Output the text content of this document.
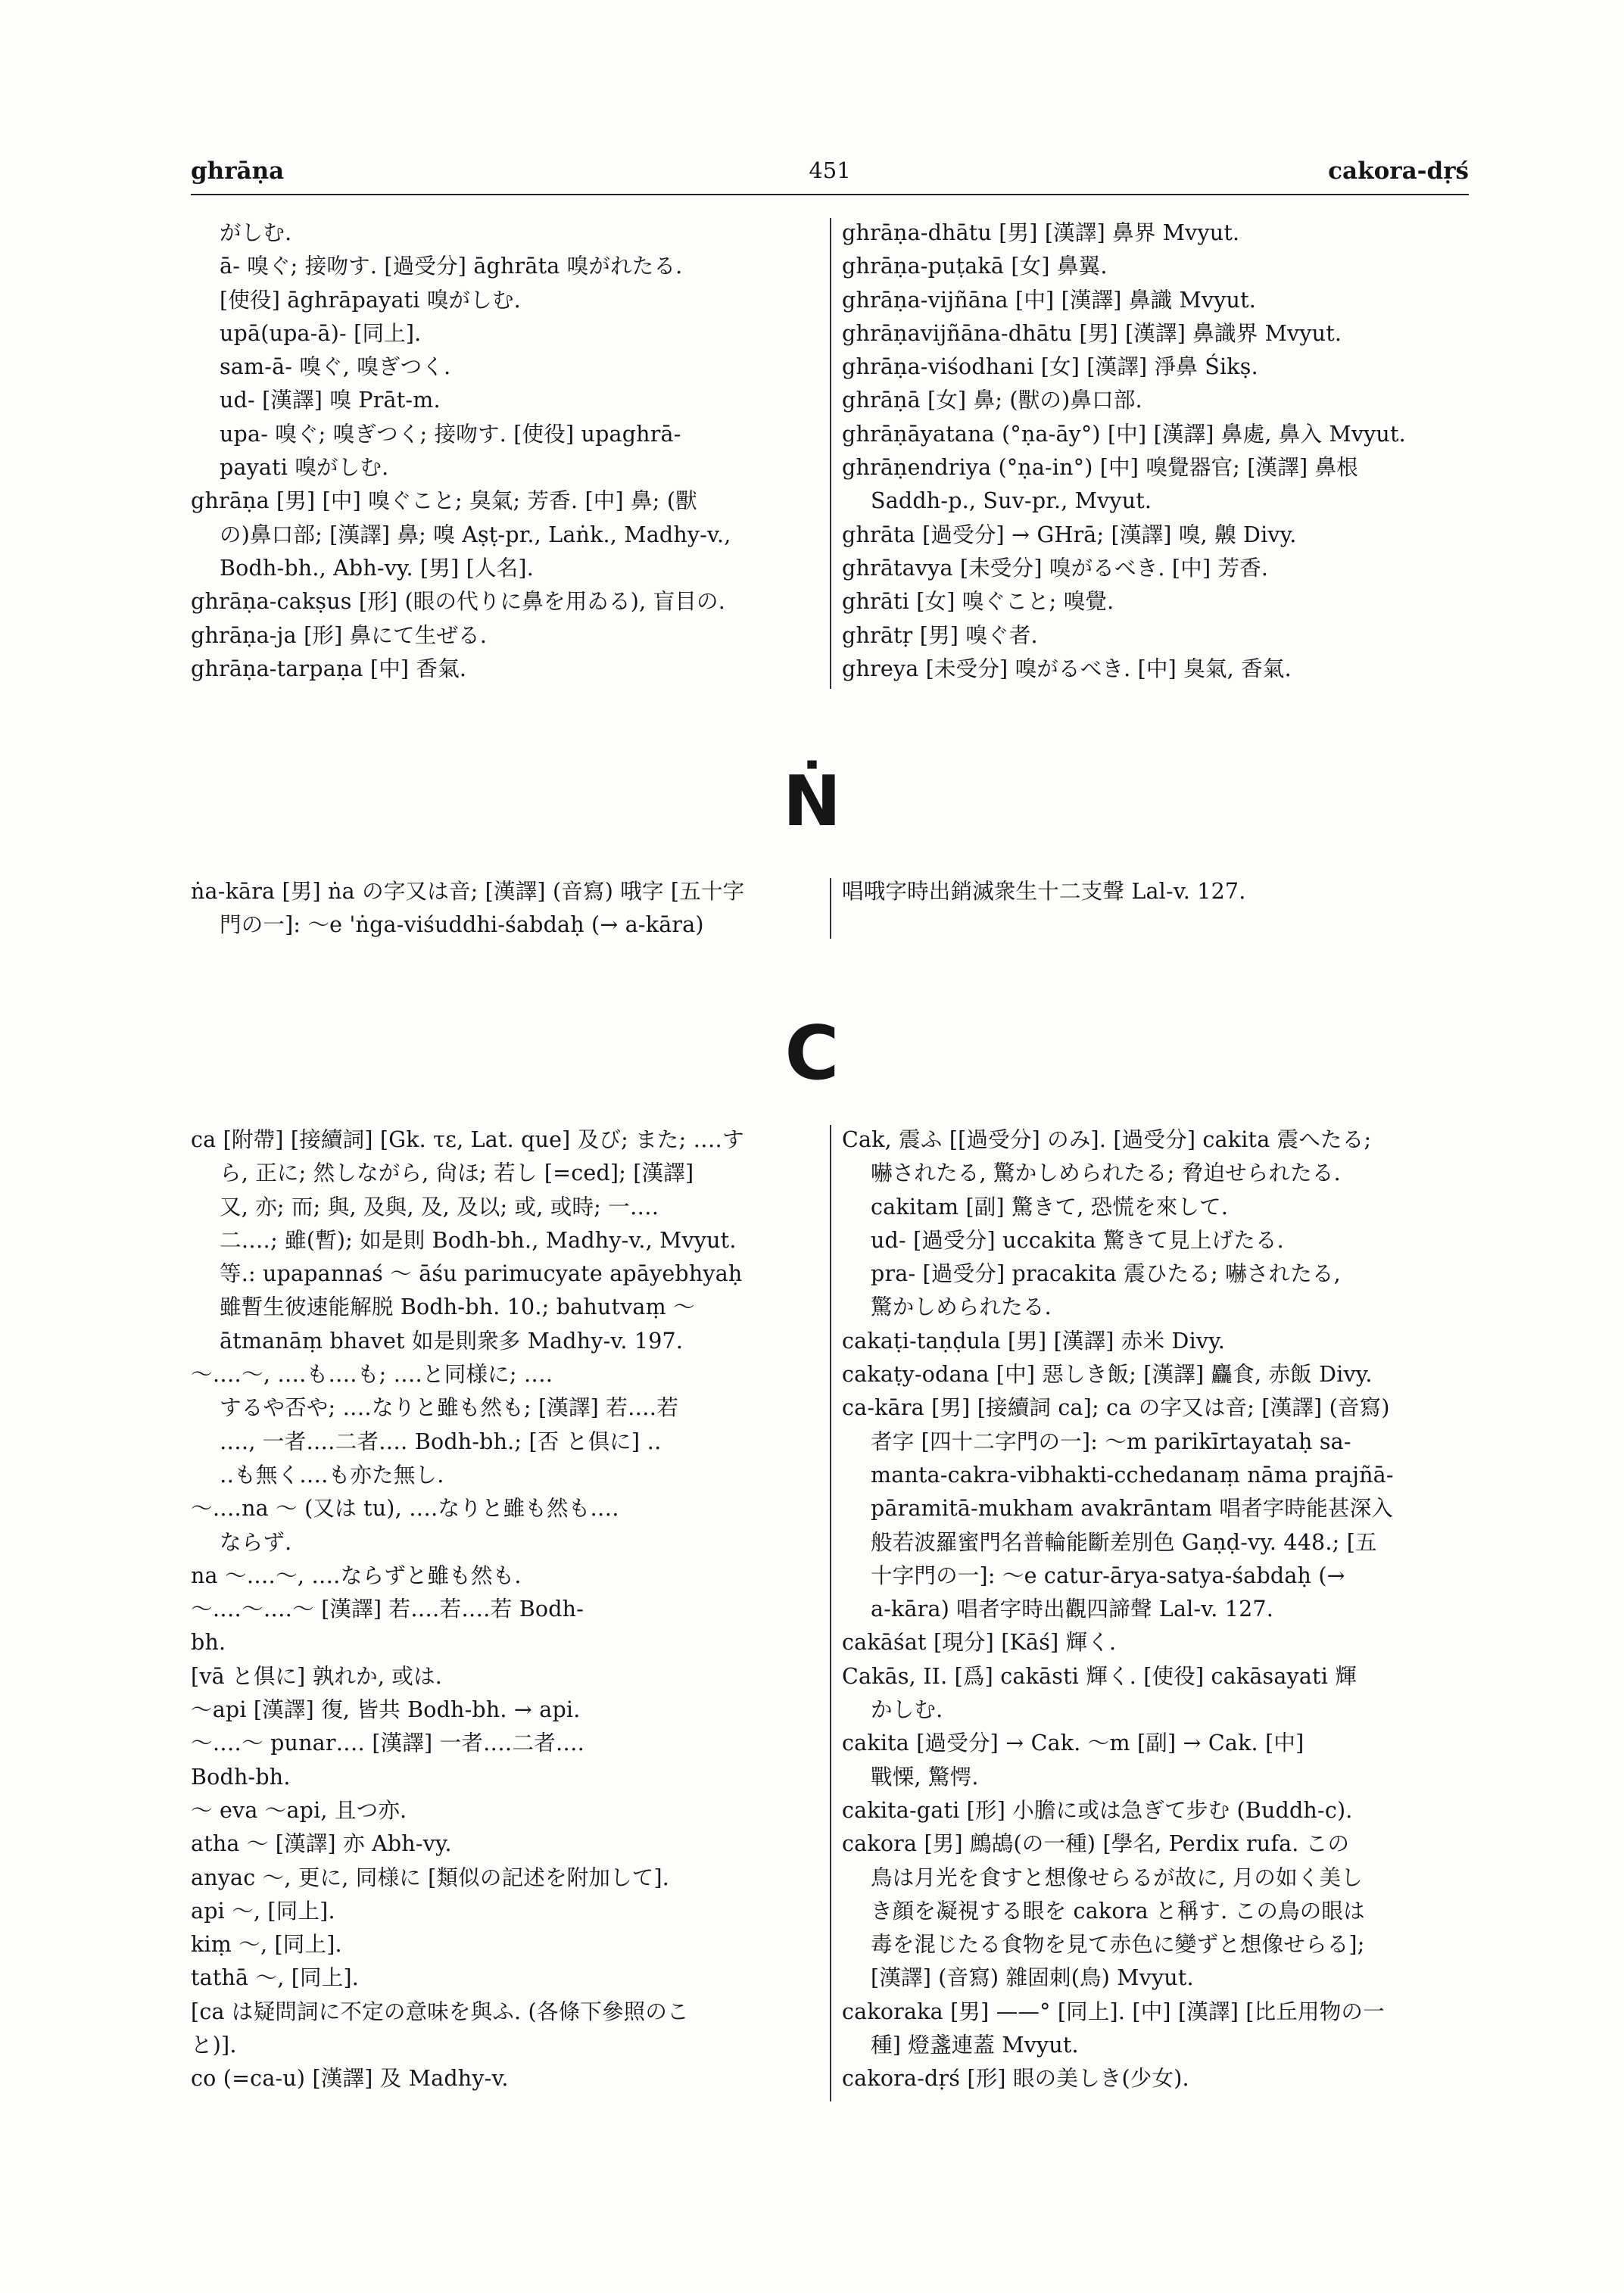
ghrāṇa	451	cakora-dṛś
がしむ.
ā- 嗅ぐ; 接吻す. [過受分] āghrāta 嗅がれたる.
[使役] āghrāpayati 嗅がしむ.
upā(upa-ā)- [同上].
sam-ā- 嗅ぐ, 嗅ぎつく.
ud- [漢譯] 嗅 Prāt-m.
upa- 嗅ぐ; 嗅ぎつく; 接吻す. [使役] upaghrā-
payati 嗅がしむ.
ghrāṇa [男] [中] 嗅ぐこと; 臭氣; 芳香. [中] 鼻; (獸
の)鼻口部; [漢譯] 鼻; 嗅 Aṣṭ-pr., Laṅk., Madhy-v.,
Bodh-bh., Abh-vy. [男] [人名].
ghrāṇa-cakṣus [形] (眼の代りに鼻を用ゐる), 盲目の.
ghrāṇa-ja [形] 鼻にて生ぜる.
ghrāṇa-tarpaṇa [中] 香氣.
ghrāṇa-dhātu [男] [漢譯] 鼻界 Mvyut.
ghrāṇa-puṭakā [女] 鼻翼.
ghrāṇa-vijñāna [中] [漢譯] 鼻識 Mvyut.
ghrāṇavijñāna-dhātu [男] [漢譯] 鼻識界 Mvyut.
ghrāṇa-viśodhani [女] [漢譯] 淨鼻 Śikṣ.
ghrāṇā [女] 鼻; (獸の)鼻口部.
ghrāṇāyatana (°ṇa-āy°) [中] [漢譯] 鼻處, 鼻入 Mvyut.
ghrāṇendriya (°ṇa-in°) [中] 嗅覺器官; [漢譯] 鼻根
Saddh-p., Suv-pr., Mvyut.
ghrāta [過受分] → GHrā; [漢譯] 嗅, 齅 Divy.
ghrātavya [未受分] 嗅がるべき. [中] 芳香.
ghrāti [女] 嗅ぐこと; 嗅覺.
ghrātṛ [男] 嗅ぐ者.
ghreya [未受分] 嗅がるべき. [中] 臭氣, 香氣.
Ṅ
ṅa-kāra [男] ṅa の字又は音; [漢譯] (音寫) 哦字 [五十字
門の一]: ～e 'ṅga-viśuddhi-śabdaḥ (→ a-kāra)
唱哦字時出銷滅衆生十二支聲 Lal-v. 127.
C
ca [附帶] [接續詞] [Gk. τε, Lat. que] 及び; また; ‥‥す
ら, 正に; 然しながら, 尙ほ; 若し [=ced]; [漢譯]
又, 亦; 而; 與, 及與, 及, 及以; 或, 或時; 一‥‥
二‥‥; 雖(暫); 如是則 Bodh-bh., Madhy-v., Mvyut.
等.: upapannaś ～ āśu parimucyate apāyebhyaḥ
雖暫生彼速能解脱 Bodh-bh. 10.; bahutvaṃ ～
ātmanāṃ bhavet 如是則衆多 Madhy-v. 197.
～‥‥～, ‥‥も‥‥も; ‥‥と同様に; ‥‥
するや否や; ‥‥なりと雖も然も; [漢譯] 若‥‥若
‥‥, 一者‥‥二者‥‥ Bodh-bh.; [否 と倶に] ‥
‥も無く‥‥も亦た無し.
～‥‥na ～ (又は tu), ‥‥なりと雖も然も‥‥
ならず.
na ～‥‥～, ‥‥ならずと雖も然も.
～‥‥～‥‥～ [漢譯] 若‥‥若‥‥若 Bodh-
bh.
[vā と倶に] 孰れか, 或は.
～api [漢譯] 復, 皆共 Bodh-bh. → api.
～‥‥～ punar‥‥ [漢譯] 一者‥‥二者‥‥
Bodh-bh.
～ eva ～api, 且つ亦.
atha ～ [漢譯] 亦 Abh-vy.
anyac ～, 更に, 同様に [類似の記述を附加して].
api ～, [同上].
kiṃ ～, [同上].
tathā ～, [同上].
[ca は疑問詞に不定の意味を與ふ. (各條下參照のこ
と)].
co (=ca-u) [漢譯] 及 Madhy-v.
Cak, 震ふ [[過受分] のみ]. [過受分] cakita 震へたる;
嚇されたる, 驚かしめられたる; 脅迫せられたる.
cakitam [副] 驚きて, 恐慌を來して.
ud- [過受分] uccakita 驚きて見上げたる.
pra- [過受分] pracakita 震ひたる; 嚇されたる,
驚かしめられたる.
cakaṭi-taṇḍula [男] [漢譯] 赤米 Divy.
cakaṭy-odana [中] 惡しき飯; [漢譯] 麤食, 赤飯 Divy.
ca-kāra [男] [接續詞 ca]; ca の字又は音; [漢譯] (音寫)
者字 [四十二字門の一]: ～m parikīrtayataḥ sa-
manta-cakra-vibhakti-cchedanaṃ nāma prajñā-
pāramitā-mukham avakrāntam 唱者字時能甚深入
般若波羅蜜門名普輪能斷差別色 Gaṇḍ-vy. 448.; [五
十字門の一]: ～e catur-ārya-satya-śabdaḥ (→
a-kāra) 唱者字時出觀四諦聲 Lal-v. 127.
cakāśat [現分] [Kāś] 輝く.
Cakās, II. [爲] cakāsti 輝く. [使役] cakāsayati 輝
かしむ.
cakita [過受分] → Cak. ～m [副] → Cak. [中]
戰慄, 驚愕.
cakita-gati [形] 小膽に或は急ぎて步む (Buddh-c).
cakora [男] 鷓鴣(の一種) [學名, Perdix rufa. この
鳥は月光を食すと想像せらるが故に, 月の如く美し
き顔を凝視する眼を cakora と稱す. この鳥の眼は
毒を混じたる食物を見て赤色に變ずと想像せらる];
[漢譯] (音寫) 雜固刺(鳥) Mvyut.
cakoraka [男] ——° [同上]. [中] [漢譯] [比丘用物の一
種] 燈盞連蓋 Mvyut.
cakora-dṛś [形] 眼の美しき(少女).
